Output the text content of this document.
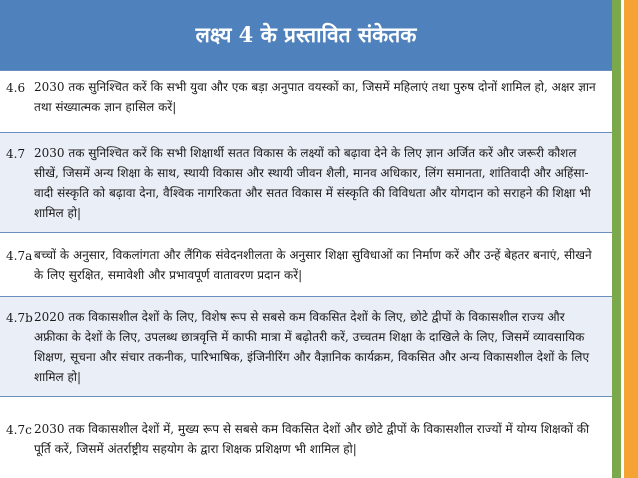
लक्ष्य 4 के प्रस्तावित संकेतक
4.6 2030 तक सुनिश्चित करें कि सभी युवा और एक बड़ा अनुपात वयस्कों का, जिसमें महिलाएं तथा पुरुष दोनों शामिल हो, अक्षर ज्ञान तथा संख्यात्मक ज्ञान हासिल करें|
4.7 2030 तक सुनिश्चित करें कि सभी शिक्षार्थी सतत विकास के लक्ष्यों को बढ़ावा देने के लिए ज्ञान अर्जित करें और जरूरी कौशल सीखें, जिसमें अन्य शिक्षा के साथ, स्थायी विकास और स्थायी जीवन शैली, मानव अधिकार, लिंग समानता, शांतिवादी और अहिंसा-वादी संस्कृति को बढ़ावा देना, वैश्विक नागरिकता और सतत विकास में संस्कृति की विविधता और योगदान को सराहने की शिक्षा भी शामिल हो|
4.7a बच्चों के अनुसार, विकलांगता और लैंगिक संवेदनशीलता के अनुसार शिक्षा सुविधाओं का निर्माण करें और उन्हें बेहतर बनाएं, सीखने के लिए सुरक्षित, समावेशी और प्रभावपूर्ण वातावरण प्रदान करें|
4.7b 2020 तक विकासशील देशों के लिए, विशेष रूप से सबसे कम विकसित देशों के लिए, छोटे द्वीपों के विकासशील राज्य और अफ्रीका के देशों के लिए, उपलब्ध छात्रवृत्ति में काफी मात्रा में बढ़ोतरी करें, उच्चतम शिक्षा के दाखिले के लिए, जिसमें व्यावसायिक शिक्षण, सूचना और संचार तकनीक, पारिभाषिक, इंजिनीरिंग और वैज्ञानिक कार्यक्रम, विकसित और अन्य विकासशील देशों के लिए शामिल हो|
4.7c 2030 तक विकासशील देशों में, मुख्य रूप से सबसे कम विकसित देशों और छोटे द्वीपों के विकासशील राज्यों में योग्य शिक्षकों की पूर्ति करें, जिसमें अंतर्राष्ट्रीय सहयोग के द्वारा शिक्षक प्रशिक्षण भी शामिल हो|
